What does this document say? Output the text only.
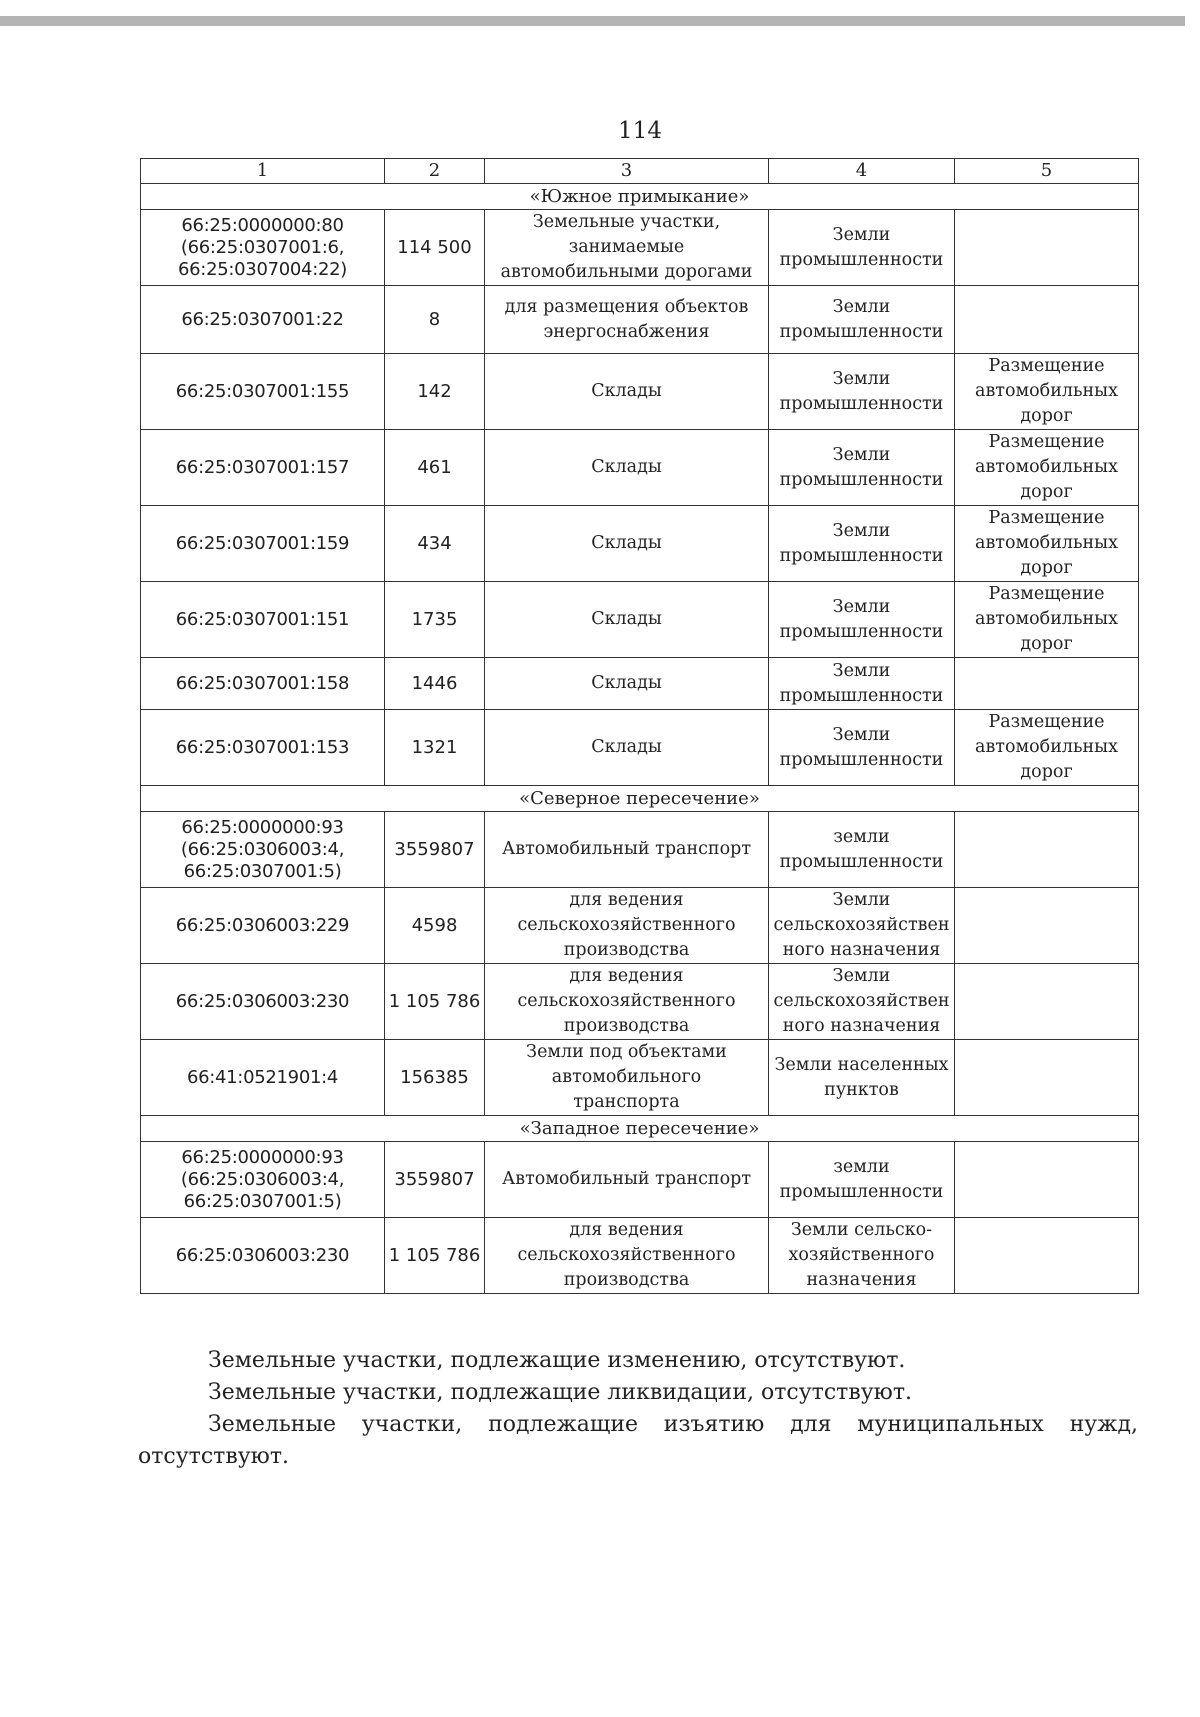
114
1	2	3	4	5
«Южное примыкание»				
66:25:0000000:80
(66:25:0307001:6,
66:25:0307004:22)	114 500	Земельные участки,
занимаемые
автомобильными дорогами	Земли
промышленности	
66:25:0307001:22	8	для размещения объектов
энергоснабжения	Земли
промышленности	
66:25:0307001:155	142	Склады	Земли
промышленности	Размещение
автомобильных
дорог
66:25:0307001:157	461	Склады	Земли
промышленности	Размещение
автомобильных
дорог
66:25:0307001:159	434	Склады	Земли
промышленности	Размещение
автомобильных
дорог
66:25:0307001:151	1735	Склады	Земли
промышленности	Размещение
автомобильных
дорог
66:25:0307001:158	1446	Склады	Земли
промышленности	
66:25:0307001:153	1321	Склады	Земли
промышленности	Размещение
автомобильных
дорог
«Северное пересечение»				
66:25:0000000:93
(66:25:0306003:4,
66:25:0307001:5)	3559807	Автомобильный транспорт	земли
промышленности	
66:25:0306003:229	4598	для ведения
сельскохозяйственного
производства	Земли
сельскохозяйствен
ного назначения	
66:25:0306003:230	1 105 786	для ведения
сельскохозяйственного
производства	Земли
сельскохозяйствен
ного назначения	
66:41:0521901:4	156385	Земли под объектами
автомобильного
транспорта	Земли населенных
пунктов	
«Западное пересечение»				
66:25:0000000:93
(66:25:0306003:4,
66:25:0307001:5)	3559807	Автомобильный транспорт	земли
промышленности	
66:25:0306003:230	1 105 786	для ведения
сельскохозяйственного
производства	Земли сельско-
хозяйственного
назначения	

Земельные участки, подлежащие изменению, отсутствуют.

Земельные участки, подлежащие ликвидации, отсутствуют.

Земельные участки, подлежащие изъятию для муниципальных нужд,

отсутствуют.
